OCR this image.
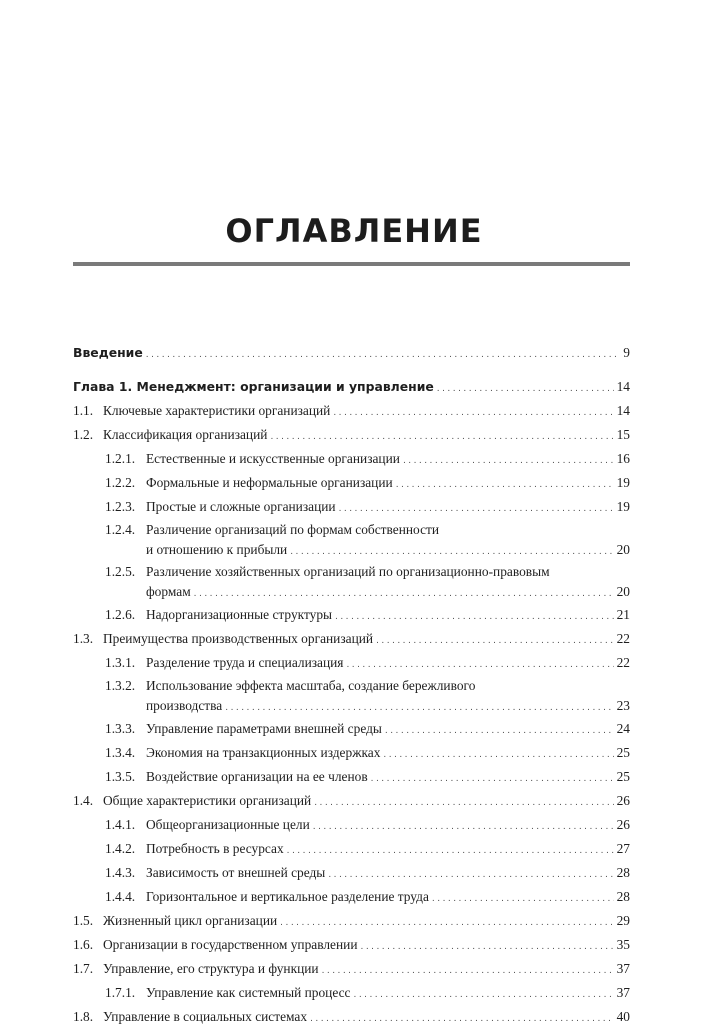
ОГЛАВЛЕНИЕ
Введение . . .	9
Глава 1. Менеджмент: организации и управление . . .	14
1.1. Ключевые характеристики организаций . . .	14
1.2. Классификация организаций . . .	15
1.2.1. Естественные и искусственные организации . . .	16
1.2.2. Формальные и неформальные организации . . .	19
1.2.3. Простые и сложные организации . . .	19
1.2.4. Различение организаций по формам собственности
и отношению к прибыли . . .	20
1.2.5. Различение хозяйственных организаций по организационно-правовым
формам . . .	20
1.2.6. Надорганизационные структуры . . .	21
1.3. Преимущества производственных организаций . . .	22
1.3.1. Разделение труда и специализация . . .	22
1.3.2. Использование эффекта масштаба, создание бережливого
производства . . .	23
1.3.3. Управление параметрами внешней среды . . .	24
1.3.4. Экономия на транзакционных издержках . . .	25
1.3.5. Воздействие организации на ее членов . . .	25
1.4. Общие характеристики организаций . . .	26
1.4.1. Общеорганизационные цели . . .	26
1.4.2. Потребность в ресурсах . . .	27
1.4.3. Зависимость от внешней среды . . .	28
1.4.4. Горизонтальное и вертикальное разделение труда . . .	28
1.5. Жизненный цикл организации . . .	29
1.6. Организации в государственном управлении . . .	35
1.7. Управление, его структура и функции . . .	37
1.7.1. Управление как системный процесс . . .	37
1.8. Управление в социальных системах . . .	40
